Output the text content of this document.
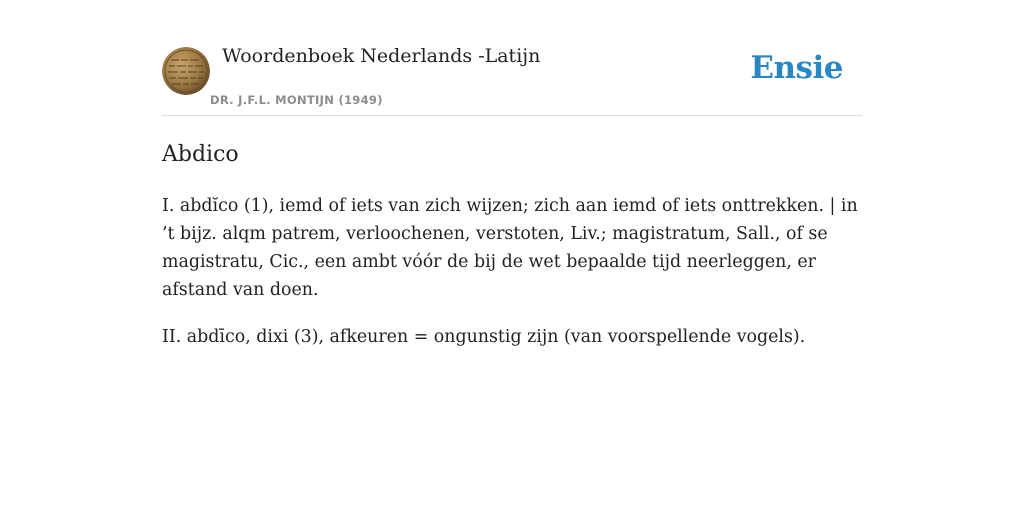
Woordenboek Nederlands -Latijn
DR. J.F.L. MONTIJN (1949)
Ensie
Abdico

I. abdĭco (1), iemd of iets van zich wijzen; zich aan iemd of iets onttrekken. | in ’t bijz. alqm patrem, verloochenen, verstoten, Liv.; magistratum, Sall., of se magistratu, Cic., een ambt vóór de bij de wet bepaalde tijd neerleggen, er afstand van doen.

II. abdīco, dixi (3), afkeuren = ongunstig zijn (van voorspellende vogels).
